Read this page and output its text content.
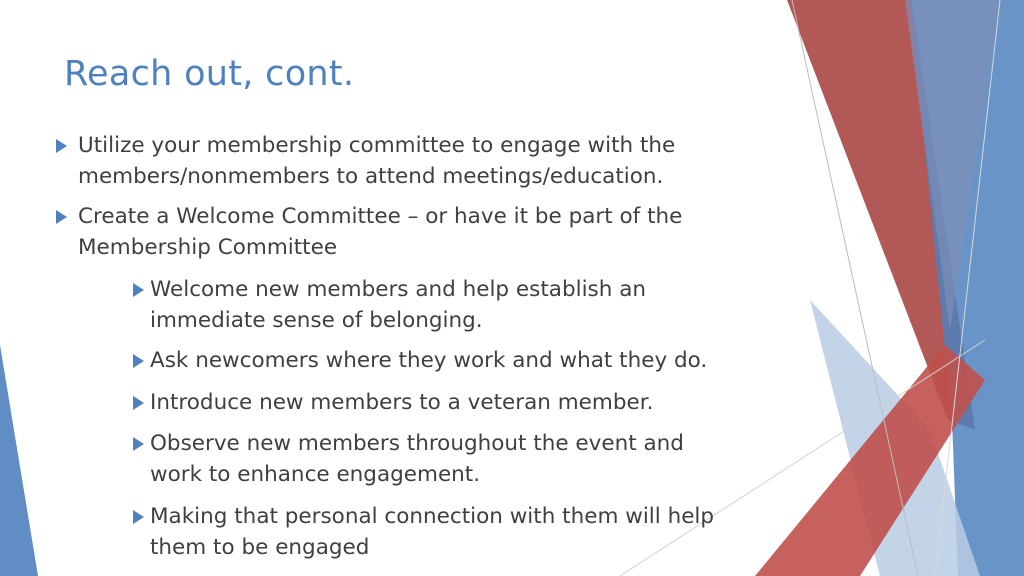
Reach out, cont.
Utilize your membership committee to engage with the members/nonmembers to attend meetings/education.
Create a Welcome Committee – or have it be part of the Membership Committee
Welcome new members and help establish an immediate sense of belonging.
Ask newcomers where they work and what they do.
Introduce new members to a veteran member.
Observe new members throughout the event and work to enhance engagement.
Making that personal connection with them will help them to be engaged
